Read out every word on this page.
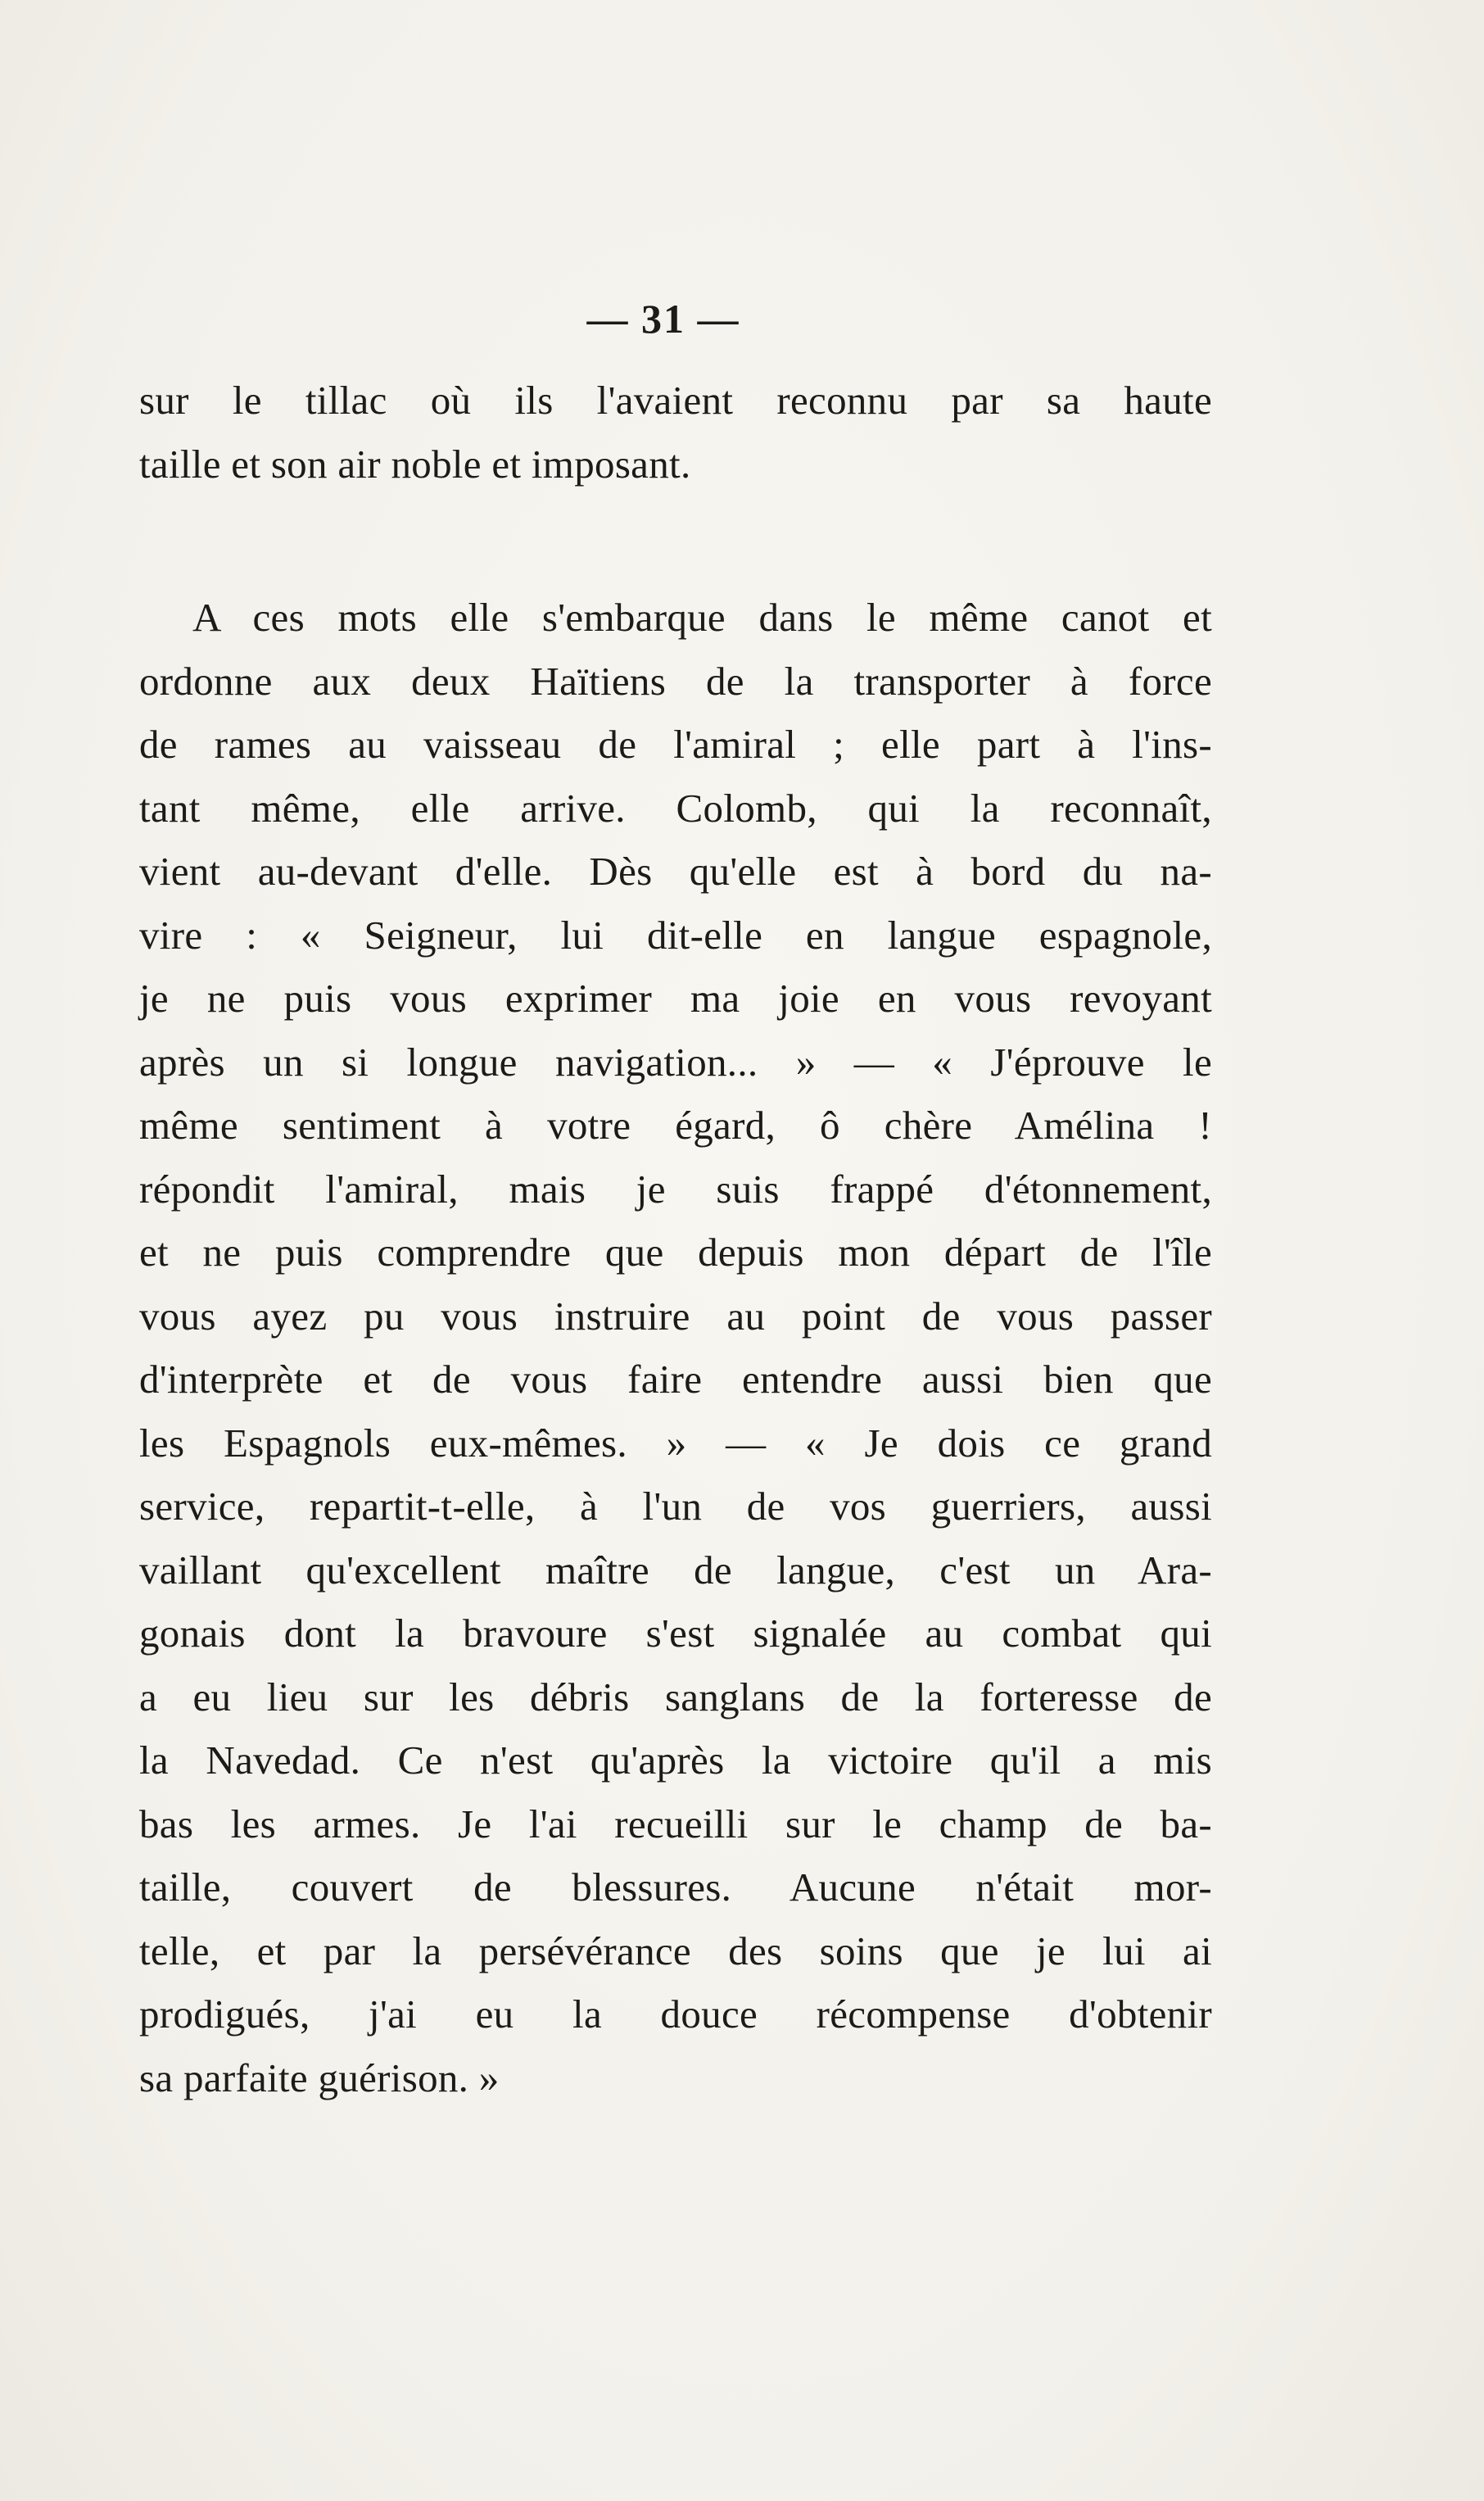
— 31 —
sur le tillac où ils l'avaient reconnu par sa haute
taille et son air noble et imposant.
A ces mots elle s'embarque dans le même canot et
ordonne aux deux Haïtiens de la transporter à force
de rames au vaisseau de l'amiral ; elle part à l'ins-
tant même, elle arrive. Colomb, qui la reconnaît,
vient au-devant d'elle. Dès qu'elle est à bord du na-
vire : « Seigneur, lui dit-elle en langue espagnole,
je ne puis vous exprimer ma joie en vous revoyant
après un si longue navigation... » — « J'éprouve le
même sentiment à votre égard, ô chère Amélina !
répondit l'amiral, mais je suis frappé d'étonnement,
et ne puis comprendre que depuis mon départ de l'île
vous ayez pu vous instruire au point de vous passer
d'interprète et de vous faire entendre aussi bien que
les Espagnols eux-mêmes. » — « Je dois ce grand
service, repartit-t-elle, à l'un de vos guerriers, aussi
vaillant qu'excellent maître de langue, c'est un Ara-
gonais dont la bravoure s'est signalée au combat qui
a eu lieu sur les débris sanglans de la forteresse de
la Navedad. Ce n'est qu'après la victoire qu'il a mis
bas les armes. Je l'ai recueilli sur le champ de ba-
taille, couvert de blessures. Aucune n'était mor-
telle, et par la persévérance des soins que je lui ai
prodigués, j'ai eu la douce récompense d'obtenir
sa parfaite guérison. »
